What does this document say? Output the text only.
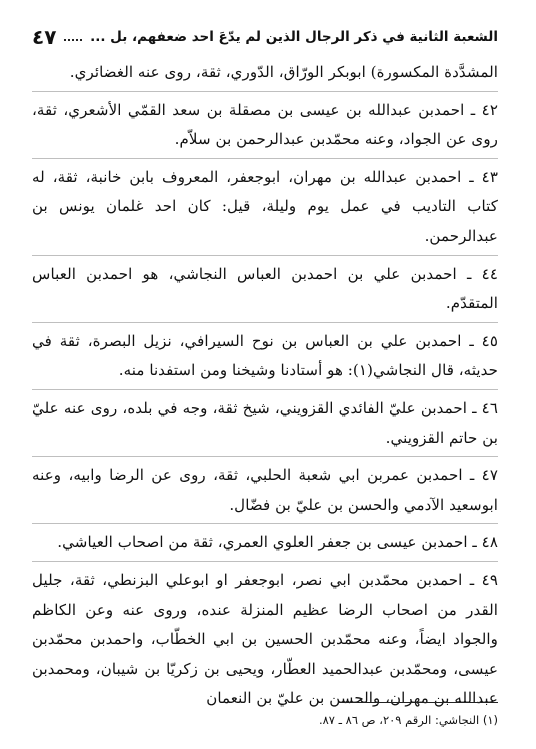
الشعبة الثانية في ذكر الرجال الذين لم يدّعَ احد ضعفهم، بل ...
٤٧

المشدَّدة المكسورة) ابوبكر الورّاق، الدّوري، ثقة، روى عنه الغضائري.

٤٢ ـ احمدبن عبدالله بن عيسى بن مصقلة بن سعد القمّي الأشعري، ثقة، روى عن الجواد، وعنه محمّدبن عبدالرحمن بن سلاّم.

٤٣ ـ احمدبن عبدالله بن مهران، ابوجعفر، المعروف بابن خانبة، ثقة، له كتاب التاديب في عمل يوم وليلة، قيل: كان احد غلمان يونس بن عبدالرحمن.

٤٤ ـ احمدبن علي بن احمدبن العباس النجاشي، هو احمدبن العباس المتقدّم.

٤٥ ـ احمدبن علي بن العباس بن نوح السيرافي، نزيل البصرة، ثقة في حديثه، قال النجاشي(١): هو أستادنا وشيخنا ومن استفدنا منه.

٤٦ ـ احمدبن عليّ الفائدي القزويني، شيخ ثقة، وجه في بلده، روى عنه عليّ بن حاتم القزويني.

٤٧ ـ احمدبن عمربن ابي شعبة الحلبي، ثقة، روى عن الرضا وابيه، وعنه ابوسعيد الآدمي والحسن بن عليّ بن فضّال.

٤٨ ـ احمدبن عيسى بن جعفر العلوي العمري، ثقة من اصحاب العياشي.

٤٩ ـ احمدبن محمّدبن ابي نصر، ابوجعفر او ابوعلي البزنطي، ثقة، جليل القدر من اصحاب الرضا عظيم المنزلة عنده، وروى عنه وعن الكاظم والجواد ايضاً، وعنه محمّدبن الحسين بن ابي الخطّاب، واحمدبن محمّدبن عيسى، ومحمّدبن عبدالحميد العطّار، ويحيى بن زكريّا بن شيبان، ومحمدبن عبدالله بن مهران، والحسن بن عليّ بن النعمان

(١) النجاشي: الرقم ٢٠٩، ص ٨٦ ـ ٨٧.
